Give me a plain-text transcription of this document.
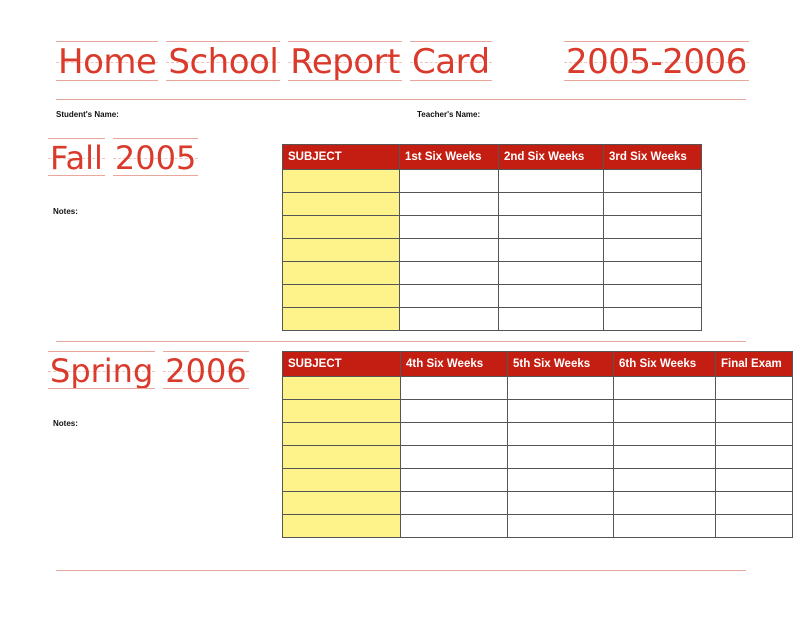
Home School Report Card 2005-2006
Student's Name:	Teacher's Name:
Fall 2005
Notes:
SUBJECT	1st Six Weeks	2nd Six Weeks	3rd Six Weeks

Spring 2006
Notes:
SUBJECT	4th Six Weeks	5th Six Weeks	6th Six Weeks	Final Exam
